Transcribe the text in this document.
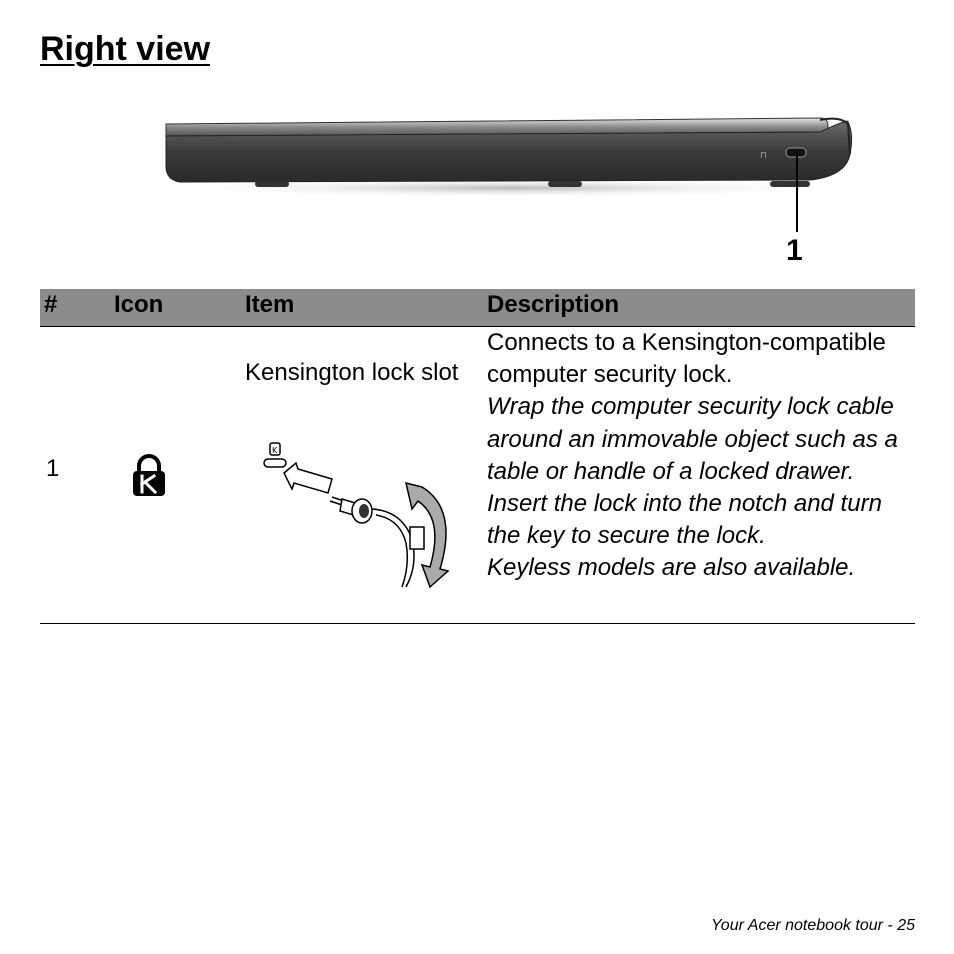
Right view
⊓
1
# Icon	Item	Description
1
Kensington lock slot
K

Connects to a Kensington-compatible computer security lock.

Wrap the computer security lock cable around an immovable object such as a table or handle of a locked drawer.

Insert the lock into the notch and turn the key to secure the lock.

Keyless models are also available.

Your Acer notebook tour - 25
